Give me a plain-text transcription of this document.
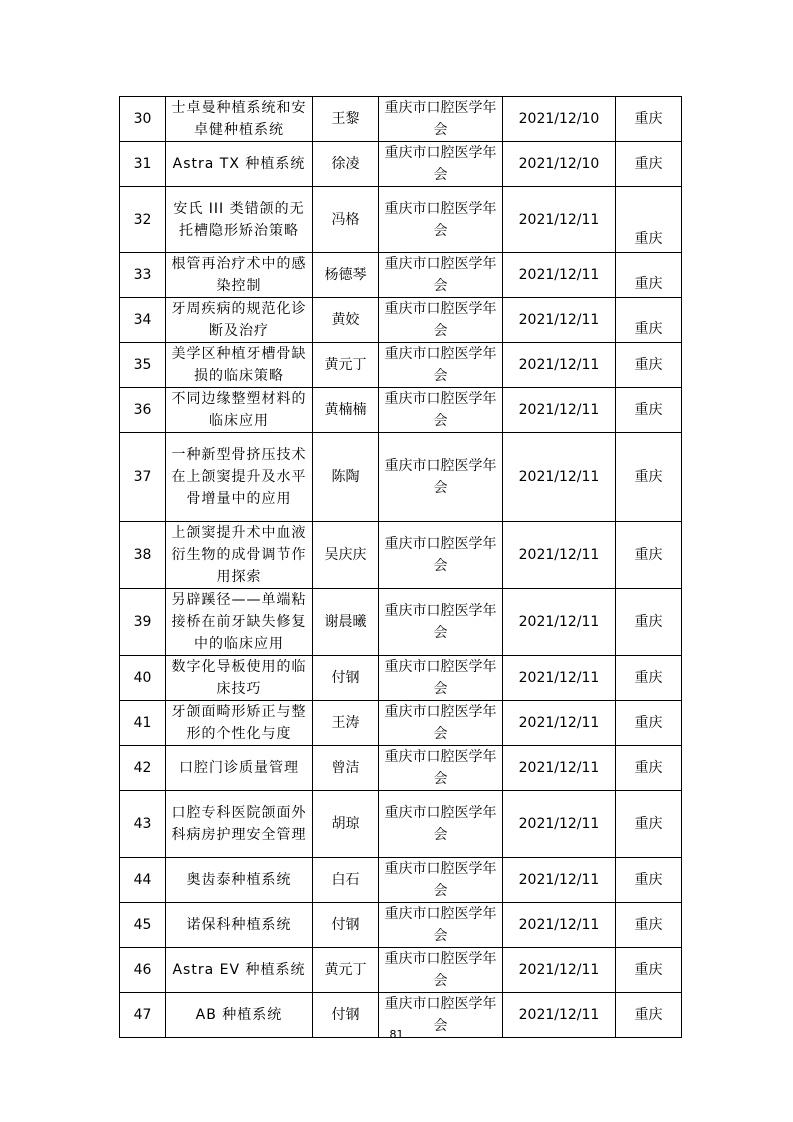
30	士卓曼种植系统和安卓健种植系统	王黎	重庆市口腔医学年会	2021/12/10	重庆
31	Astra TX 种植系统	徐凌	重庆市口腔医学年会	2021/12/10	重庆
32	安氏 III 类错颌的无托槽隐形矫治策略	冯格	重庆市口腔医学年会	2021/12/11	重庆
33	根管再治疗术中的感染控制	杨德琴	重庆市口腔医学年会	2021/12/11	重庆
34	牙周疾病的规范化诊断及治疗	黄姣	重庆市口腔医学年会	2021/12/11	重庆
35	美学区种植牙槽骨缺损的临床策略	黄元丁	重庆市口腔医学年会	2021/12/11	重庆
36	不同边缘整塑材料的临床应用	黄楠楠	重庆市口腔医学年会	2021/12/11	重庆
37	一种新型骨挤压技术在上颌窦提升及水平骨增量中的应用	陈陶	重庆市口腔医学年会	2021/12/11	重庆
38	上颌窦提升术中血液衍生物的成骨调节作用探索	吴庆庆	重庆市口腔医学年会	2021/12/11	重庆
39	另辟蹊径——单端粘接桥在前牙缺失修复中的临床应用	谢晨曦	重庆市口腔医学年会	2021/12/11	重庆
40	数字化导板使用的临床技巧	付钢	重庆市口腔医学年会	2021/12/11	重庆
41	牙颌面畸形矫正与整形的个性化与度	王涛	重庆市口腔医学年会	2021/12/11	重庆
42	口腔门诊质量管理	曾洁	重庆市口腔医学年会	2021/12/11	重庆
43	口腔专科医院颌面外科病房护理安全管理	胡琼	重庆市口腔医学年会	2021/12/11	重庆
44	奥齿泰种植系统	白石	重庆市口腔医学年会	2021/12/11	重庆
45	诺保科种植系统	付钢	重庆市口腔医学年会	2021/12/11	重庆
46	Astra EV 种植系统	黄元丁	重庆市口腔医学年会	2021/12/11	重庆
47	AB 种植系统	付钢	重庆市口腔医学年会	2021/12/11	重庆
81
